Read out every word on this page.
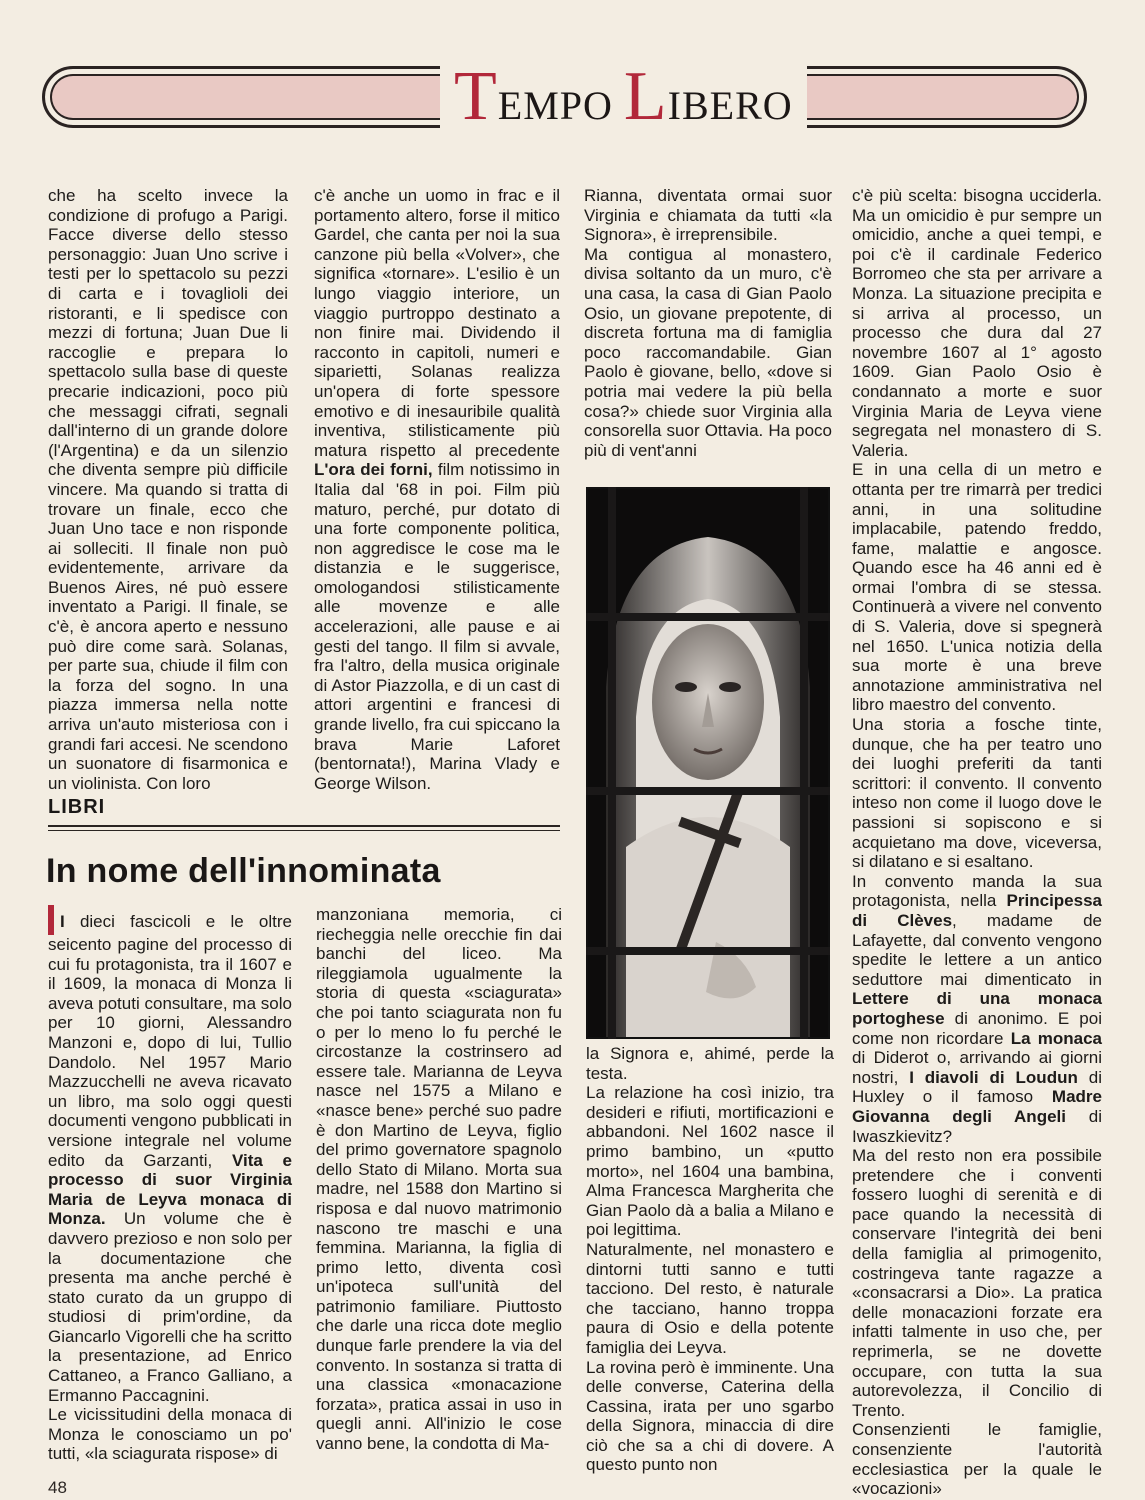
TEMPO LIBERO

che ha scelto invece la condizione di profugo a Parigi. Facce diverse dello stesso personaggio: Juan Uno scrive i testi per lo spettacolo su pezzi di carta e i tovaglioli dei ristoranti, e li spedisce con mezzi di fortuna; Juan Due li raccoglie e prepara lo spettacolo sulla base di queste precarie indicazioni, poco più che messaggi cifrati, segnali dall'interno di un grande dolore (l'Argentina) e da un silenzio che diventa sempre più difficile vincere. Ma quando si tratta di trovare un finale, ecco che Juan Uno tace e non risponde ai solleciti. Il finale non può evidentemente, arrivare da Buenos Aires, né può essere inventato a Parigi. Il finale, se c'è, è ancora aperto e nessuno può dire come sarà. Solanas, per parte sua, chiude il film con la forza del sogno. In una piazza immersa nella notte arriva un'auto misteriosa con i grandi fari accesi. Ne scendono un suonatore di fisarmonica e un violinista. Con loro

c'è anche un uomo in frac e il portamento altero, forse il mitico Gardel, che canta per noi la sua canzone più bella «Volver», che significa «tornare». L'esilio è un lungo viaggio interiore, un viaggio purtroppo destinato a non finire mai. Dividendo il racconto in capitoli, numeri e siparietti, Solanas realizza un'opera di forte spessore emotivo e di inesauribile qualità inventiva, stilisticamente più matura rispetto al precedente L'ora dei forni, film notissimo in Italia dal '68 in poi. Film più maturo, perché, pur dotato di una forte componente politica, non aggredisce le cose ma le distanzia e le suggerisce, omologandosi stilisticamente alle movenze e alle accelerazioni, alle pause e ai gesti del tango. Il film si avvale, fra l'altro, della musica originale di Astor Piazzolla, e di un cast di attori argentini e francesi di grande livello, fra cui spiccano la brava Marie Laforet (bentornata!), Marina Vlady e George Wilson.

Rianna, diventata ormai suor Virginia e chiamata da tutti «la Signora», è irreprensibile.

Ma contigua al monastero, divisa soltanto da un muro, c'è una casa, la casa di Gian Paolo Osio, un giovane prepotente, di discreta fortuna ma di famiglia poco raccomandabile. Gian Paolo è giovane, bello, «dove si potria mai vedere la più bella cosa?» chiede suor Virginia alla consorella suor Ottavia. Ha poco più di vent'anni

c'è più scelta: bisogna ucciderla. Ma un omicidio è pur sempre un omicidio, anche a quei tempi, e poi c'è il cardinale Federico Borromeo che sta per arrivare a Monza. La situazione precipita e si arriva al processo, un processo che dura dal 27 novembre 1607 al 1° agosto 1609. Gian Paolo Osio è condannato a morte e suor Virginia Maria de Leyva viene segregata nel monastero di S. Valeria.

E in una cella di un metro e ottanta per tre rimarrà per tredici anni, in una solitudine implacabile, patendo freddo, fame, malattie e angosce. Quando esce ha 46 anni ed è ormai l'ombra di se stessa. Continuerà a vivere nel convento di S. Valeria, dove si spegnerà nel 1650. L'unica notizia della sua morte è una breve annotazione amministrativa nel libro maestro del convento.

Una storia a fosche tinte, dunque, che ha per teatro uno dei luoghi preferiti da tanti scrittori: il convento. Il convento inteso non come il luogo dove le passioni si sopiscono e si acquietano ma dove, viceversa, si dilatano e si esaltano.

In convento manda la sua protagonista, nella Principessa di Clèves, madame de Lafayette, dal convento vengono spedite le lettere a un antico seduttore mai dimenticato in Lettere di una monaca portoghese di anonimo. E poi come non ricordare La monaca di Diderot o, arrivando ai giorni nostri, I diavoli di Loudun di Huxley o il famoso Madre Giovanna degli Angeli di Iwaszkievitz?

Ma del resto non era possibile pretendere che i conventi fossero luoghi di serenità e di pace quando la necessità di conservare l'integrità dei beni della famiglia al primogenito, costringeva tante ragazze a «consacrarsi a Dio». La pratica delle monacazioni forzate era infatti talmente in uso che, per reprimerla, se ne dovette occupare, con tutta la sua autorevolezza, il Concilio di Trento.

Consenzienti le famiglie, consenziente l'autorità ecclesiastica per la quale le «vocazioni»

LIBRI
In nome dell'innominata

I dieci fascicoli e le oltre seicento pagine del processo di cui fu protagonista, tra il 1607 e il 1609, la monaca di Monza li aveva potuti consultare, ma solo per 10 giorni, Alessandro Manzoni e, dopo di lui, Tullio Dandolo. Nel 1957 Mario Mazzucchelli ne aveva ricavato un libro, ma solo oggi questi documenti vengono pubblicati in versione integrale nel volume edito da Garzanti, Vita e processo di suor Virginia Maria de Leyva monaca di Monza. Un volume che è davvero prezioso e non solo per la documentazione che presenta ma anche perché è stato curato da un gruppo di studiosi di prim'ordine, da Giancarlo Vigorelli che ha scritto la presentazione, ad Enrico Cattaneo, a Franco Galliano, a Ermanno Paccagnini.

Le vicissitudini della monaca di Monza le conosciamo un po' tutti, «la sciagurata rispose» di

manzoniana memoria, ci riecheggia nelle orecchie fin dai banchi del liceo. Ma rileggiamola ugualmente la storia di questa «sciagurata» che poi tanto sciagurata non fu o per lo meno lo fu perché le circostanze la costrinsero ad essere tale. Marianna de Leyva nasce nel 1575 a Milano e «nasce bene» perché suo padre è don Martino de Leyva, figlio del primo governatore spagnolo dello Stato di Milano. Morta sua madre, nel 1588 don Martino si risposa e dal nuovo matrimonio nascono tre maschi e una femmina. Marianna, la figlia di primo letto, diventa così un'ipoteca sull'unità del patrimonio familiare. Piuttosto che darle una ricca dote meglio dunque farle prendere la via del convento. In sostanza si tratta di una classica «monacazione forzata», pratica assai in uso in quegli anni. All'inizio le cose vanno bene, la condotta di Ma-

la Signora e, ahimé, perde la testa.

La relazione ha così inizio, tra desideri e rifiuti, mortificazioni e abbandoni. Nel 1602 nasce il primo bambino, un «putto morto», nel 1604 una bambina, Alma Francesca Margherita che Gian Paolo dà a balia a Milano e poi legittima.

Naturalmente, nel monastero e dintorni tutti sanno e tutti tacciono. Del resto, è naturale che tacciano, hanno troppa paura di Osio e della potente famiglia dei Leyva.

La rovina però è imminente. Una delle converse, Caterina della Cassina, irata per uno sgarbo della Signora, minaccia di dire ciò che sa a chi di dovere. A questo punto non

48
